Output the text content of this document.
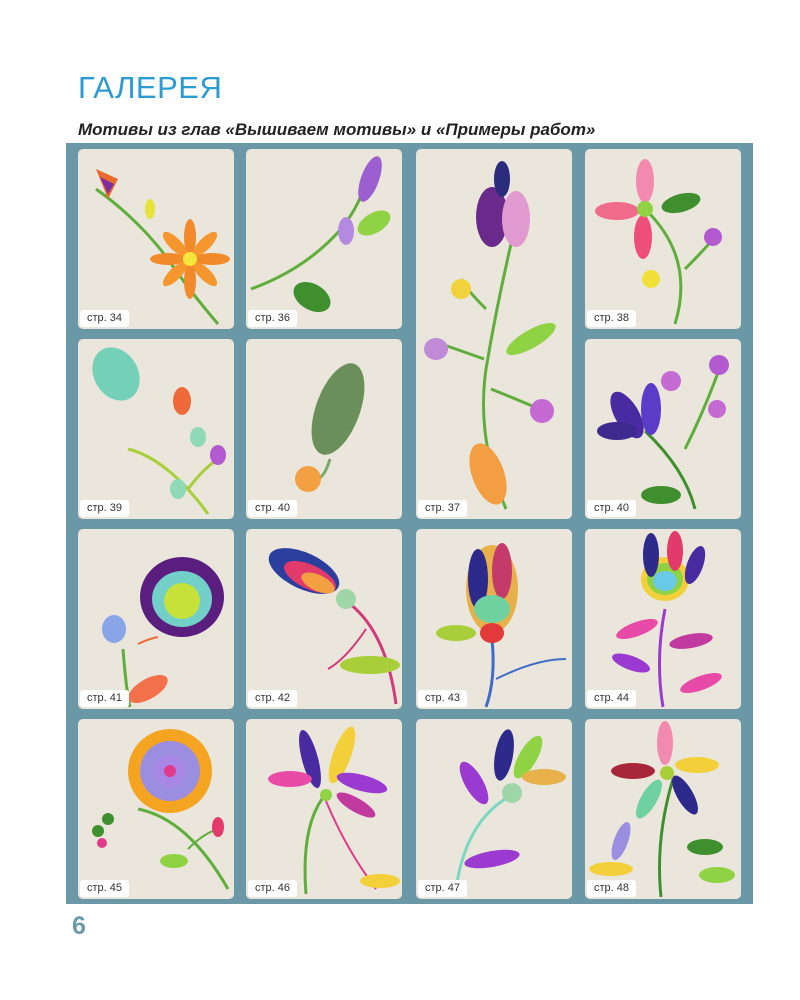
ГАЛЕРЕЯ
Мотивы из глав «Вышиваем мотивы» и «Примеры работ»
стр. 34	стр. 36
стр. 37
стр. 38
стр. 39	стр. 40	стр. 40
стр. 41	стр. 42	стр. 43	стр. 44
стр. 45	стр. 46	стр. 47	стр. 48
6
